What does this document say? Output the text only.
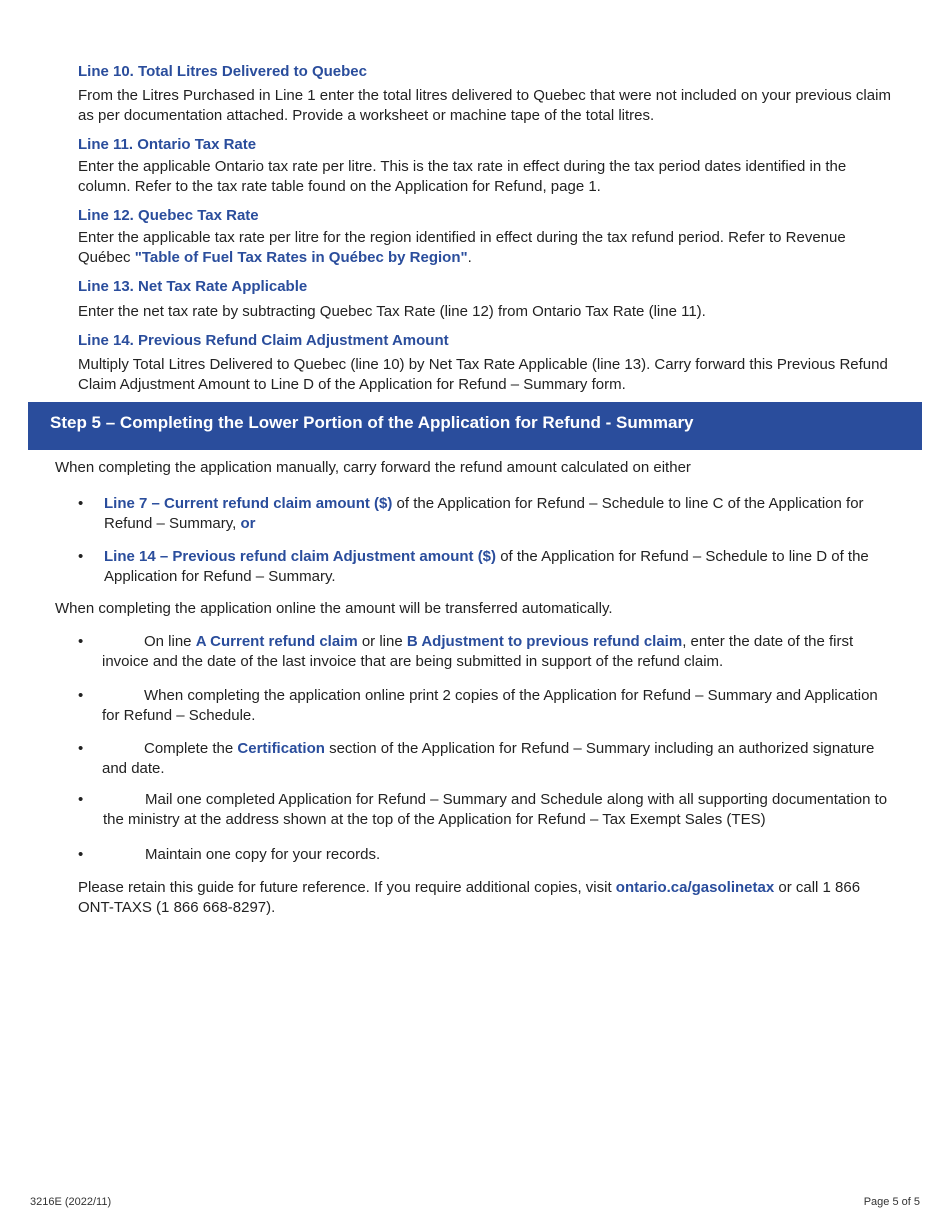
Line 10. Total Litres Delivered to Quebec
From the Litres Purchased in Line 1 enter the total litres delivered to Quebec that were not included on your previous claim as per documentation attached. Provide a worksheet or machine tape of the total litres.
Line 11. Ontario Tax Rate
Enter the applicable Ontario tax rate per litre. This is the tax rate in effect during the tax period dates identified in the column. Refer to the tax rate table found on the Application for Refund, page 1.
Line 12. Quebec Tax Rate
Enter the applicable tax rate per litre for the region identified in effect during the tax refund period. Refer to Revenue Québec "Table of Fuel Tax Rates in Québec by Region".
Line 13. Net Tax Rate Applicable
Enter the net tax rate by subtracting Quebec Tax Rate (line 12) from Ontario Tax Rate (line 11).
Line 14. Previous Refund Claim Adjustment Amount
Multiply Total Litres Delivered to Quebec (line 10) by Net Tax Rate Applicable (line 13). Carry forward this Previous Refund Claim Adjustment Amount to Line D of the Application for Refund – Summary form.
Step 5 – Completing the Lower Portion of the Application for Refund - Summary
When completing the application manually, carry forward the refund amount calculated on either
• Line 7 – Current refund claim amount ($) of the Application for Refund – Schedule to line C of the Application for Refund – Summary, or
• Line 14 – Previous refund claim Adjustment amount ($) of the Application for Refund – Schedule to line D of the Application for Refund – Summary.
When completing the application online the amount will be transferred automatically.
•	On line A Current refund claim or line B Adjustment to previous refund claim, enter the date of the first invoice and the date of the last invoice that are being submitted in support of the refund claim.
•	When completing the application online print 2 copies of the Application for Refund – Summary and Application for Refund – Schedule.
•	Complete the Certification section of the Application for Refund – Summary including an authorized signature and date.
•	Mail one completed Application for Refund – Summary and Schedule along with all supporting documentation to the ministry at the address shown at the top of the Application for Refund – Tax Exempt Sales (TES)
•	Maintain one copy for your records.
Please retain this guide for future reference. If you require additional copies, visit ontario.ca/gasolinetax or call 1 866 ONT-TAXS (1 866 668-8297).
3216E (2022/11)	Page 5 of 5
